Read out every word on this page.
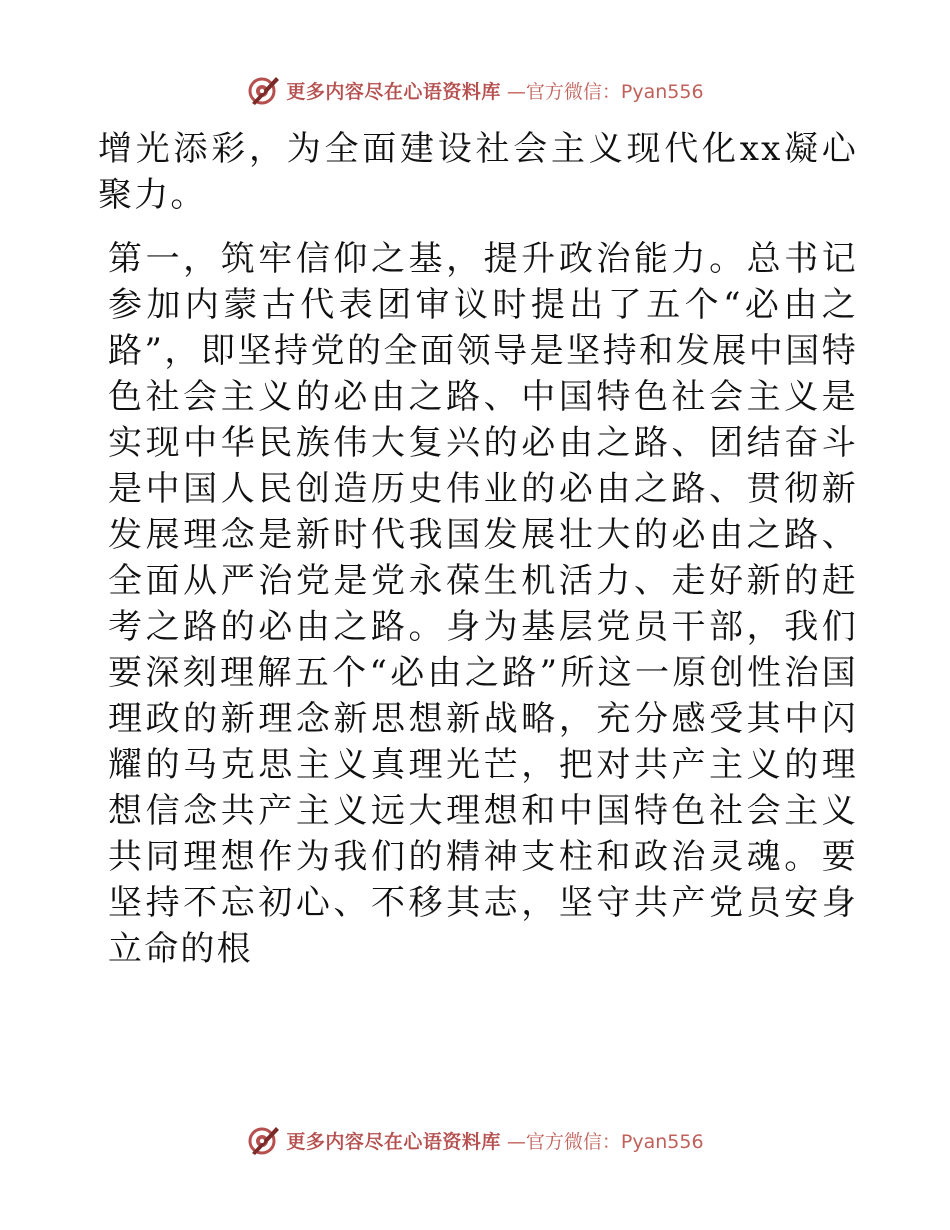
更多内容尽在心语资料库 —官方微信：Pyan556

增光添彩，为全面建设社会主义现代化xx凝心聚力。

第一，筑牢信仰之基，提升政治能力。总书记参加内蒙古代表团审议时提出了五个“必由之路”，即坚持党的全面领导是坚持和发展中国特色社会主义的必由之路、中国特色社会主义是实现中华民族伟大复兴的必由之路、团结奋斗是中国人民创造历史伟业的必由之路、贯彻新发展理念是新时代我国发展壮大的必由之路、全面从严治党是党永葆生机活力、走好新的赶考之路的必由之路。身为基层党员干部，我们要深刻理解五个“必由之路”所这一原创性治国理政的新理念新思想新战略，充分感受其中闪耀的马克思主义真理光芒，把对共产主义的理想信念共产主义远大理想和中国特色社会主义共同理想作为我们的精神支柱和政治灵魂。要坚持不忘初心、不移其志，坚守共产党员安身立命的根

更多内容尽在心语资料库 —官方微信：Pyan556
